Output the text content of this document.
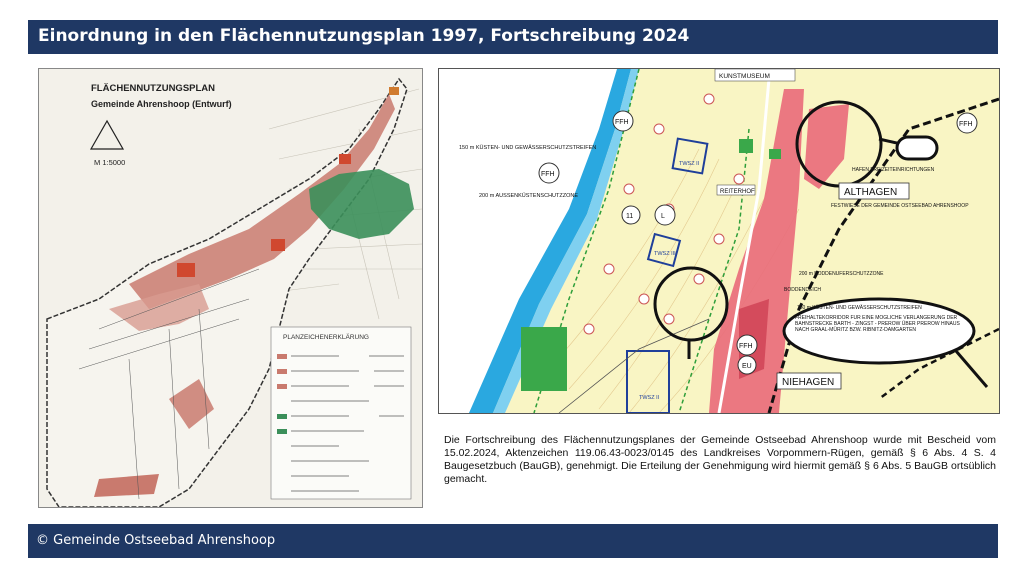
Einordnung in den Flächennutzungsplan 1997, Fortschreibung 2024
FLÄCHENNUTZUNGSPLAN
Gemeinde Ahrenshoop (Entwurf)
M 1:5000
PLANZEICHENERKLÄRUNG
KUNSTMUSEUM
FFH
FFH
FFH
FFH
EU
150 m KÜSTEN- UND GEWÄSSERSCHUTZSTREIFEN
200 m AUSSENKÜSTENSCHUTZZONE
REITERHOF
11	L
TWSZ II
TWSZ III
TWSZ II
ALTHAGEN
FESTWIESE DER GEMEINDE OSTSEEBAD AHRENSHOOP
HAFEN FREIZEITEINRICHTUNGEN
200 m BODDENUFERSCHUTZZONE
BODDENDEICH
150 m KÜSTEN- UND GEWÄSSERSCHUTZSTREIFEN
FREIHALTEKORRIDOR FÜR EINE MÖGLICHE VERLÄNGERUNG DER BAHNSTRECKE BARTH - ZINGST - PREROW ÜBER PREROW HINAUS NACH GRAAL-MÜRITZ BZW. RIBNITZ-DAMGARTEN
NIEHAGEN
Die Fortschreibung des Flächennutzungsplanes der Gemeinde Ostseebad Ahrenshoop wurde mit Bescheid vom 15.02.2024, Aktenzeichen 119.06.43-0023/0145 des Landkreises Vorpommern-Rügen, gemäß § 6 Abs. 4 S. 4 Baugesetzbuch (BauGB), genehmigt. Die Erteilung der Genehmigung wird hiermit gemäß § 6 Abs. 5 BauGB ortsüblich gemacht.
© Gemeinde Ostseebad Ahrenshoop
